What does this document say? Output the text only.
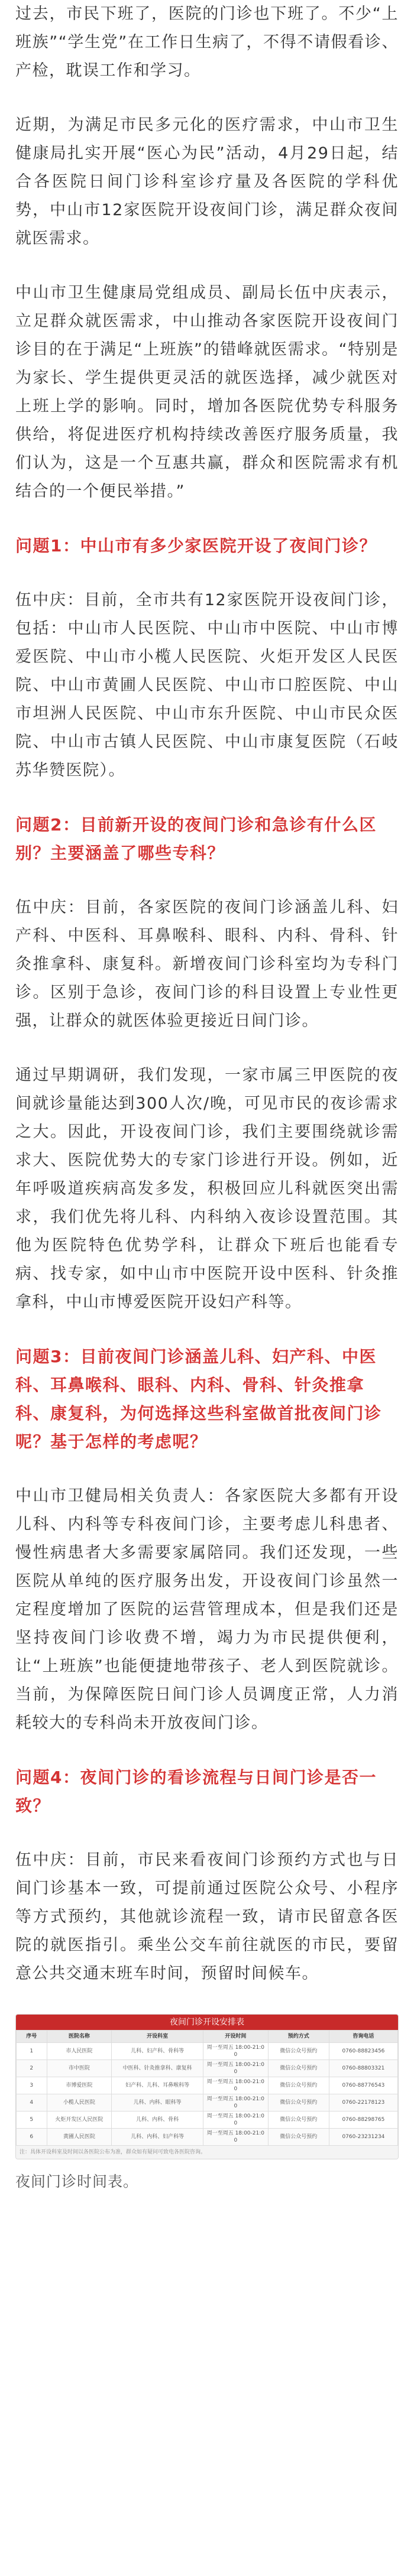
过去，市民下班了，医院的门诊也下班了。不少“上班族”“学生党”在工作日生病了，不得不请假看诊、产检，耽误工作和学习。

近期，为满足市民多元化的医疗需求，中山市卫生健康局扎实开展“医心为民”活动，4月29日起，结合各医院日间门诊科室诊疗量及各医院的学科优势，中山市12家医院开设夜间门诊，满足群众夜间就医需求。

中山市卫生健康局党组成员、副局长伍中庆表示，立足群众就医需求，中山推动各家医院开设夜间门诊目的在于满足“上班族”的错峰就医需求。“特别是为家长、学生提供更灵活的就医选择，减少就医对上班上学的影响。同时，增加各医院优势专科服务供给，将促进医疗机构持续改善医疗服务质量，我们认为，这是一个互惠共赢，群众和医院需求有机结合的一个便民举措。”

问题1：中山市有多少家医院开设了夜间门诊？

伍中庆：目前，全市共有12家医院开设夜间门诊，包括：中山市人民医院、中山市中医院、中山市博爱医院、中山市小榄人民医院、火炬开发区人民医院、中山市黄圃人民医院、中山市口腔医院、中山市坦洲人民医院、中山市东升医院、中山市民众医院、中山市古镇人民医院、中山市康复医院（石岐苏华赞医院）。

问题2：目前新开设的夜间门诊和急诊有什么区别？主要涵盖了哪些专科？

伍中庆：目前，各家医院的夜间门诊涵盖儿科、妇产科、中医科、耳鼻喉科、眼科、内科、骨科、针灸推拿科、康复科。新增夜间门诊科室均为专科门诊。区别于急诊，夜间门诊的科目设置上专业性更强，让群众的就医体验更接近日间门诊。

通过早期调研，我们发现，一家市属三甲医院的夜间就诊量能达到300人次/晚，可见市民的夜诊需求之大。因此，开设夜间门诊，我们主要围绕就诊需求大、医院优势大的专家门诊进行开设。例如，近年呼吸道疾病高发多发，积极回应儿科就医突出需求，我们优先将儿科、内科纳入夜诊设置范围。其他为医院特色优势学科，让群众下班后也能看专病、找专家，如中山市中医院开设中医科、针灸推拿科，中山市博爱医院开设妇产科等。

问题3：目前夜间门诊涵盖儿科、妇产科、中医科、耳鼻喉科、眼科、内科、骨科、针灸推拿科、康复科，为何选择这些科室做首批夜间门诊呢？基于怎样的考虑呢？

中山市卫健局相关负责人：各家医院大多都有开设儿科、内科等专科夜间门诊，主要考虑儿科患者、慢性病患者大多需要家属陪同。我们还发现，一些医院从单纯的医疗服务出发，开设夜间门诊虽然一定程度增加了医院的运营管理成本，但是我们还是坚持夜间门诊收费不增，竭力为市民提供便利，让“上班族”也能便捷地带孩子、老人到医院就诊。当前，为保障医院日间门诊人员调度正常，人力消耗较大的专科尚未开放夜间门诊。

问题4：夜间门诊的看诊流程与日间门诊是否一致？

伍中庆：目前，市民来看夜间门诊预约方式也与日间门诊基本一致，可提前通过医院公众号、小程序等方式预约，其他就诊流程一致，请市民留意各医院的就医指引。乘坐公交车前往就医的市民，要留意公共交通末班车时间，预留时间候车。

夜间门诊开设安排表
序号	医院名称	开设科室	开设时间	预约方式	咨询电话
1	市人民医院	儿科、妇产科、骨科等	周一至周五 18:00-21:00	微信公众号预约	0760-88823456
2	市中医院	中医科、针灸推拿科、康复科	周一至周五 18:00-21:00	微信公众号预约	0760-88803321
3	市博爱医院	妇产科、儿科、耳鼻喉科等	周一至周五 18:00-21:00	微信公众号预约	0760-88776543
4	小榄人民医院	儿科、内科、眼科等	周一至周五 18:00-21:00	微信公众号预约	0760-22178123
5	火炬开发区人民医院	儿科、内科、骨科	周一至周五 18:00-21:00	微信公众号预约	0760-88298765
6	黄圃人民医院	儿科、内科、妇产科等	周一至周五 18:00-21:00	微信公众号预约	0760-23231234
注：具体开设科室及时间以各医院公布为准，群众如有疑问可致电各医院咨询。

夜间门诊时间表。
